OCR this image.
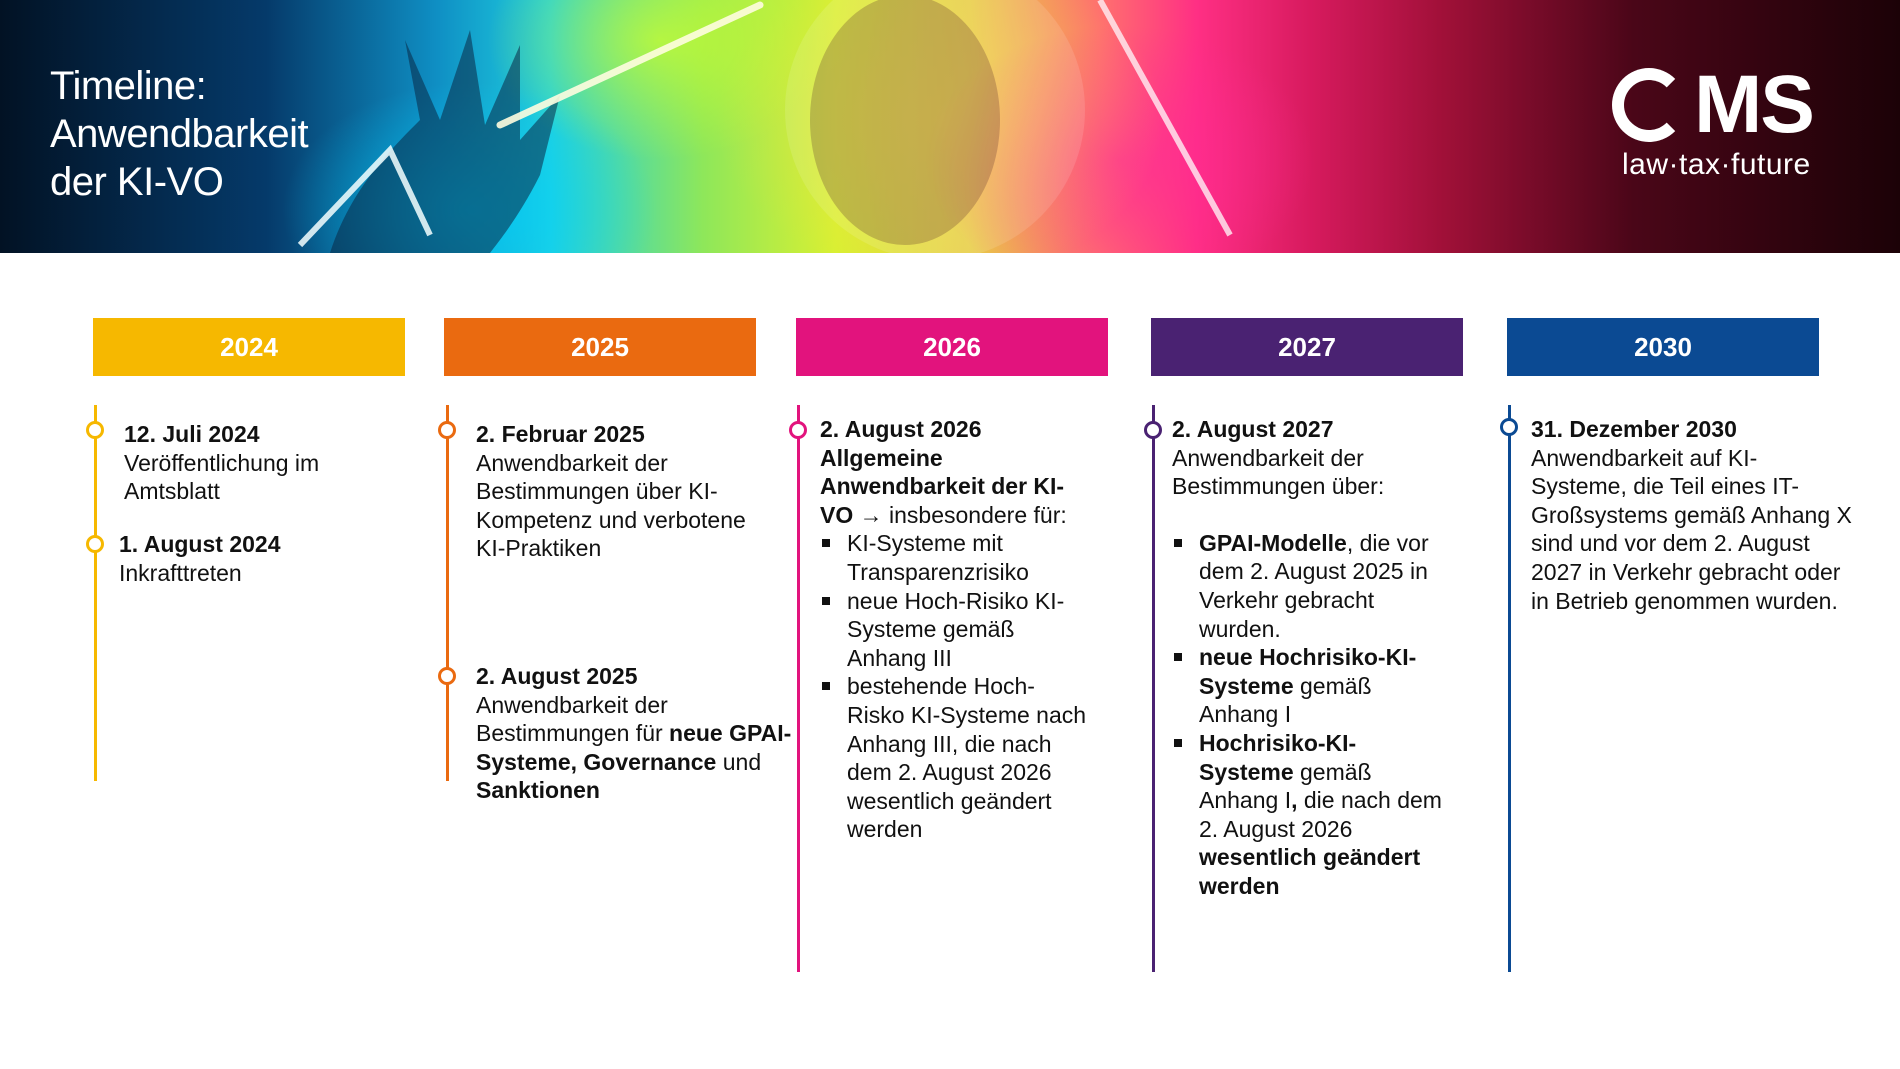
Timeline:
Anwendbarkeit
der KI-VO
MS
law·tax·future
2024
12. Juli 2024
Veröffentlichung im
Amtsblatt
1. August 2024
Inkrafttreten
2025
2. Februar 2025
Anwendbarkeit der
Bestimmungen über KI-
Kompetenz und verbotene
KI-Praktiken
2. August 2025
Anwendbarkeit der
Bestimmungen für neue GPAI-
Systeme, Governance und
Sanktionen
2026
2. August 2026
Allgemeine
Anwendbarkeit der KI-
VO → insbesondere für:
KI-Systeme mit
Transparenzrisiko
neue Hoch-Risiko KI-
Systeme gemäß
Anhang III
bestehende Hoch-
Risko KI-Systeme nach
Anhang III, die nach
dem 2. August 2026
wesentlich geändert
werden
2027
2. August 2027
Anwendbarkeit der
Bestimmungen über:
GPAI-Modelle, die vor
dem 2. August 2025 in
Verkehr gebracht
wurden.
neue Hochrisiko-KI-
Systeme gemäß
Anhang I
Hochrisiko-KI-
Systeme gemäß
Anhang I, die nach dem
2. August 2026
wesentlich geändert
werden
2030
31. Dezember 2030
Anwendbarkeit auf KI-
Systeme, die Teil eines IT-
Großsystems gemäß Anhang X
sind und vor dem 2. August
2027 in Verkehr gebracht oder
in Betrieb genommen wurden.
